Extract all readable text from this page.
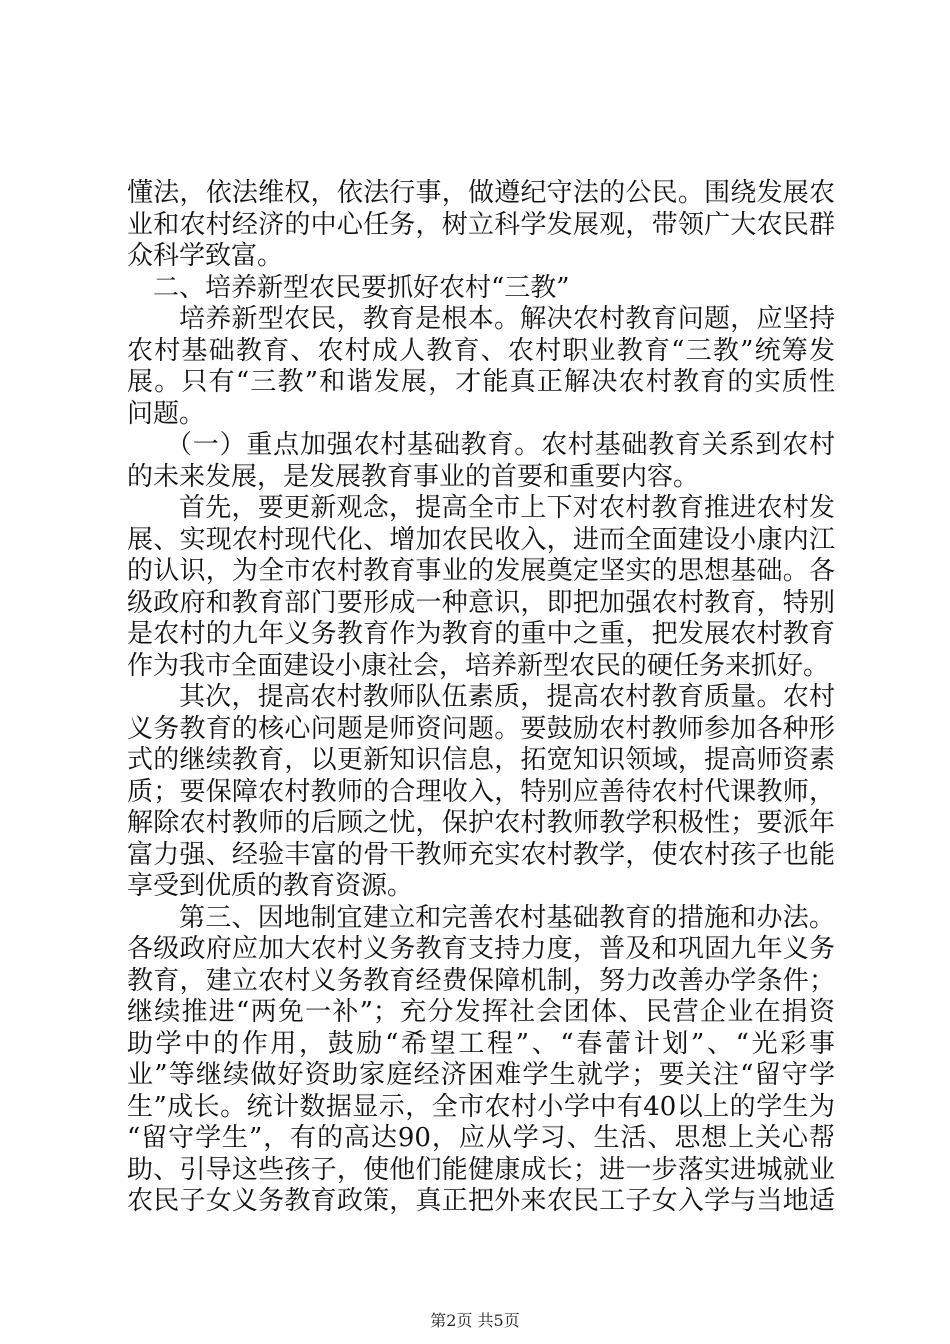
懂法，依法维权，依法行事，做遵纪守法的公民。围绕发展农
业和农村经济的中心任务，树立科学发展观，带领广大农民群
众科学致富。
二、培养新型农民要抓好农村“三教”
培养新型农民，教育是根本。解决农村教育问题，应坚持
农村基础教育、农村成人教育、农村职业教育“三教”统筹发
展。只有“三教”和谐发展，才能真正解决农村教育的实质性
问题。
（一）重点加强农村基础教育。农村基础教育关系到农村
的未来发展，是发展教育事业的首要和重要内容。
首先，要更新观念，提高全市上下对农村教育推进农村发
展、实现农村现代化、增加农民收入，进而全面建设小康内江
的认识，为全市农村教育事业的发展奠定坚实的思想基础。各
级政府和教育部门要形成一种意识，即把加强农村教育，特别
是农村的九年义务教育作为教育的重中之重，把发展农村教育
作为我市全面建设小康社会，培养新型农民的硬任务来抓好。
其次，提高农村教师队伍素质，提高农村教育质量。农村
义务教育的核心问题是师资问题。要鼓励农村教师参加各种形
式的继续教育，以更新知识信息，拓宽知识领域，提高师资素
质；要保障农村教师的合理收入，特别应善待农村代课教师，
解除农村教师的后顾之忧，保护农村教师教学积极性；要派年
富力强、经验丰富的骨干教师充实农村教学，使农村孩子也能
享受到优质的教育资源。
第三、因地制宜建立和完善农村基础教育的措施和办法。
各级政府应加大农村义务教育支持力度，普及和巩固九年义务
教育，建立农村义务教育经费保障机制，努力改善办学条件；
继续推进“两免一补”；充分发挥社会团体、民营企业在捐资
助学中的作用，鼓励“希望工程”、“春蕾计划”、“光彩事
业”等继续做好资助家庭经济困难学生就学；要关注“留守学
生”成长。统计数据显示，全市农村小学中有40以上的学生为
“留守学生”，有的高达90，应从学习、生活、思想上关心帮
助、引导这些孩子，使他们能健康成长；进一步落实进城就业
农民子女义务教育政策，真正把外来农民工子女入学与当地适
第2页 共5页
